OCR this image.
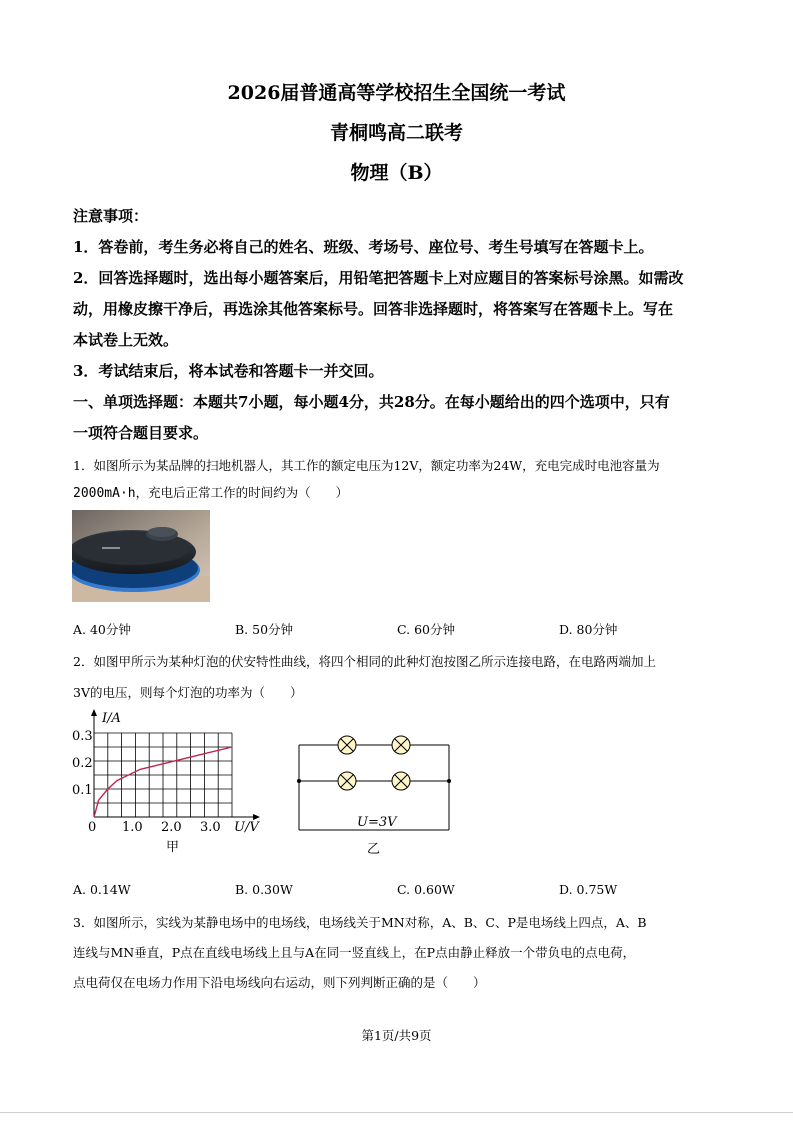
2026届普通高等学校招生全国统一考试
青桐鸣高二联考
物理（B）
注意事项：
1．答卷前，考生务必将自己的姓名、班级、考场号、座位号、考生号填写在答题卡上。
2．回答选择题时，选出每小题答案后，用铅笔把答题卡上对应题目的答案标号涂黑。如需改
动，用橡皮擦干净后，再选涂其他答案标号。回答非选择题时，将答案写在答题卡上。写在
本试卷上无效。
3．考试结束后，将本试卷和答题卡一并交回。
一、单项选择题：本题共7小题，每小题4分，共28分。在每小题给出的四个选项中，只有
一项符合题目要求。
1．如图所示为某品牌的扫地机器人，其工作的额定电压为12V，额定功率为24W，充电完成时电池容量为
2000mA·h，充电后正常工作的时间约为（　　）
A. 40分钟	B. 50分钟	C. 60分钟	D. 80分钟
2．如图甲所示为某种灯泡的伏安特性曲线，将四个相同的此种灯泡按图乙所示连接电路，在电路两端加上
3V的电压，则每个灯泡的功率为（　　）
I/A
U/V
0.3
0.2
0.1
0 1.0 2.0 3.0
甲
U=3V
乙
A. 0.14W	B. 0.30W	C. 0.60W	D. 0.75W
3．如图所示，实线为某静电场中的电场线，电场线关于MN对称，A、B、C、P是电场线上四点，A、B
连线与MN垂直，P点在直线电场线上且与A在同一竖直线上，在P点由静止释放一个带负电的点电荷，
点电荷仅在电场力作用下沿电场线向右运动，则下列判断正确的是（　　）
第1页/共9页
